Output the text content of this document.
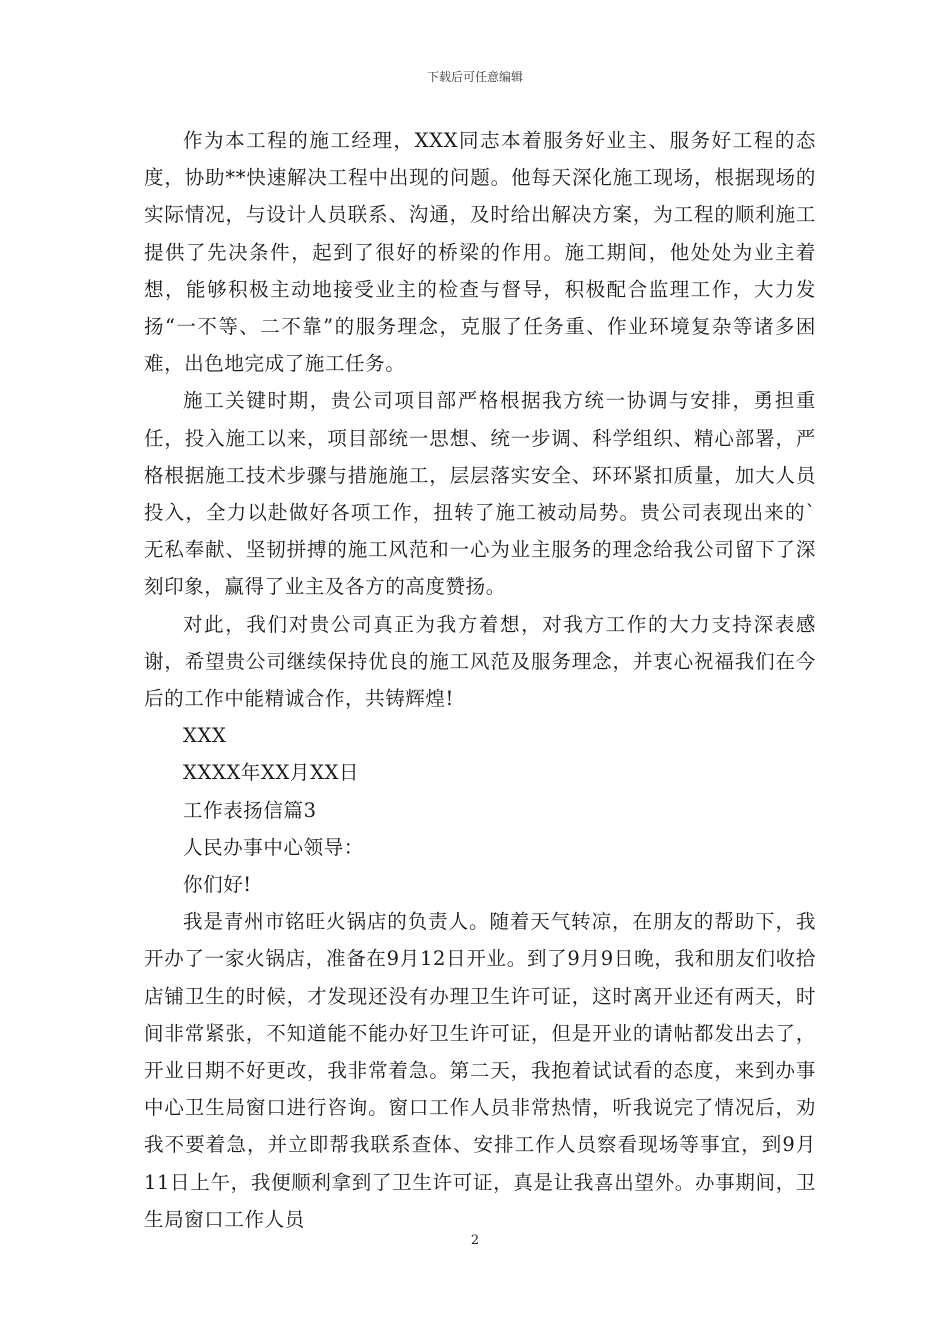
下载后可任意编辑

作为本工程的施工经理，XXX同志本着服务好业主、服务好工程的态度，协助**快速解决工程中出现的问题。他每天深化施工现场，根据现场的实际情况，与设计人员联系、沟通，及时给出解决方案，为工程的顺利施工提供了先决条件，起到了很好的桥梁的作用。施工期间，他处处为业主着想，能够积极主动地接受业主的检查与督导，积极配合监理工作，大力发扬“一不等、二不靠”的服务理念，克服了任务重、作业环境复杂等诸多困难，出色地完成了施工任务。

施工关键时期，贵公司项目部严格根据我方统一协调与安排，勇担重任，投入施工以来，项目部统一思想、统一步调、科学组织、精心部署，严格根据施工技术步骤与措施施工，层层落实安全、环环紧扣质量，加大人员投入，全力以赴做好各项工作，扭转了施工被动局势。贵公司表现出来的`无私奉献、坚韧拼搏的施工风范和一心为业主服务的理念给我公司留下了深刻印象，赢得了业主及各方的高度赞扬。

对此，我们对贵公司真正为我方着想，对我方工作的大力支持深表感谢，希望贵公司继续保持优良的施工风范及服务理念，并衷心祝福我们在今后的工作中能精诚合作，共铸辉煌!

XXX

XXXX年XX月XX日

工作表扬信篇3

人民办事中心领导：

你们好!

我是青州市铭旺火锅店的负责人。随着天气转凉，在朋友的帮助下，我开办了一家火锅店，准备在9月12日开业。到了9月9日晚，我和朋友们收拾店铺卫生的时候，才发现还没有办理卫生许可证，这时离开业还有两天，时间非常紧张，不知道能不能办好卫生许可证，但是开业的请帖都发出去了，开业日期不好更改，我非常着急。第二天，我抱着试试看的态度，来到办事中心卫生局窗口进行咨询。窗口工作人员非常热情，听我说完了情况后，劝我不要着急，并立即帮我联系查体、安排工作人员察看现场等事宜，到9月11日上午，我便顺利拿到了卫生许可证，真是让我喜出望外。办事期间，卫生局窗口工作人员

2
